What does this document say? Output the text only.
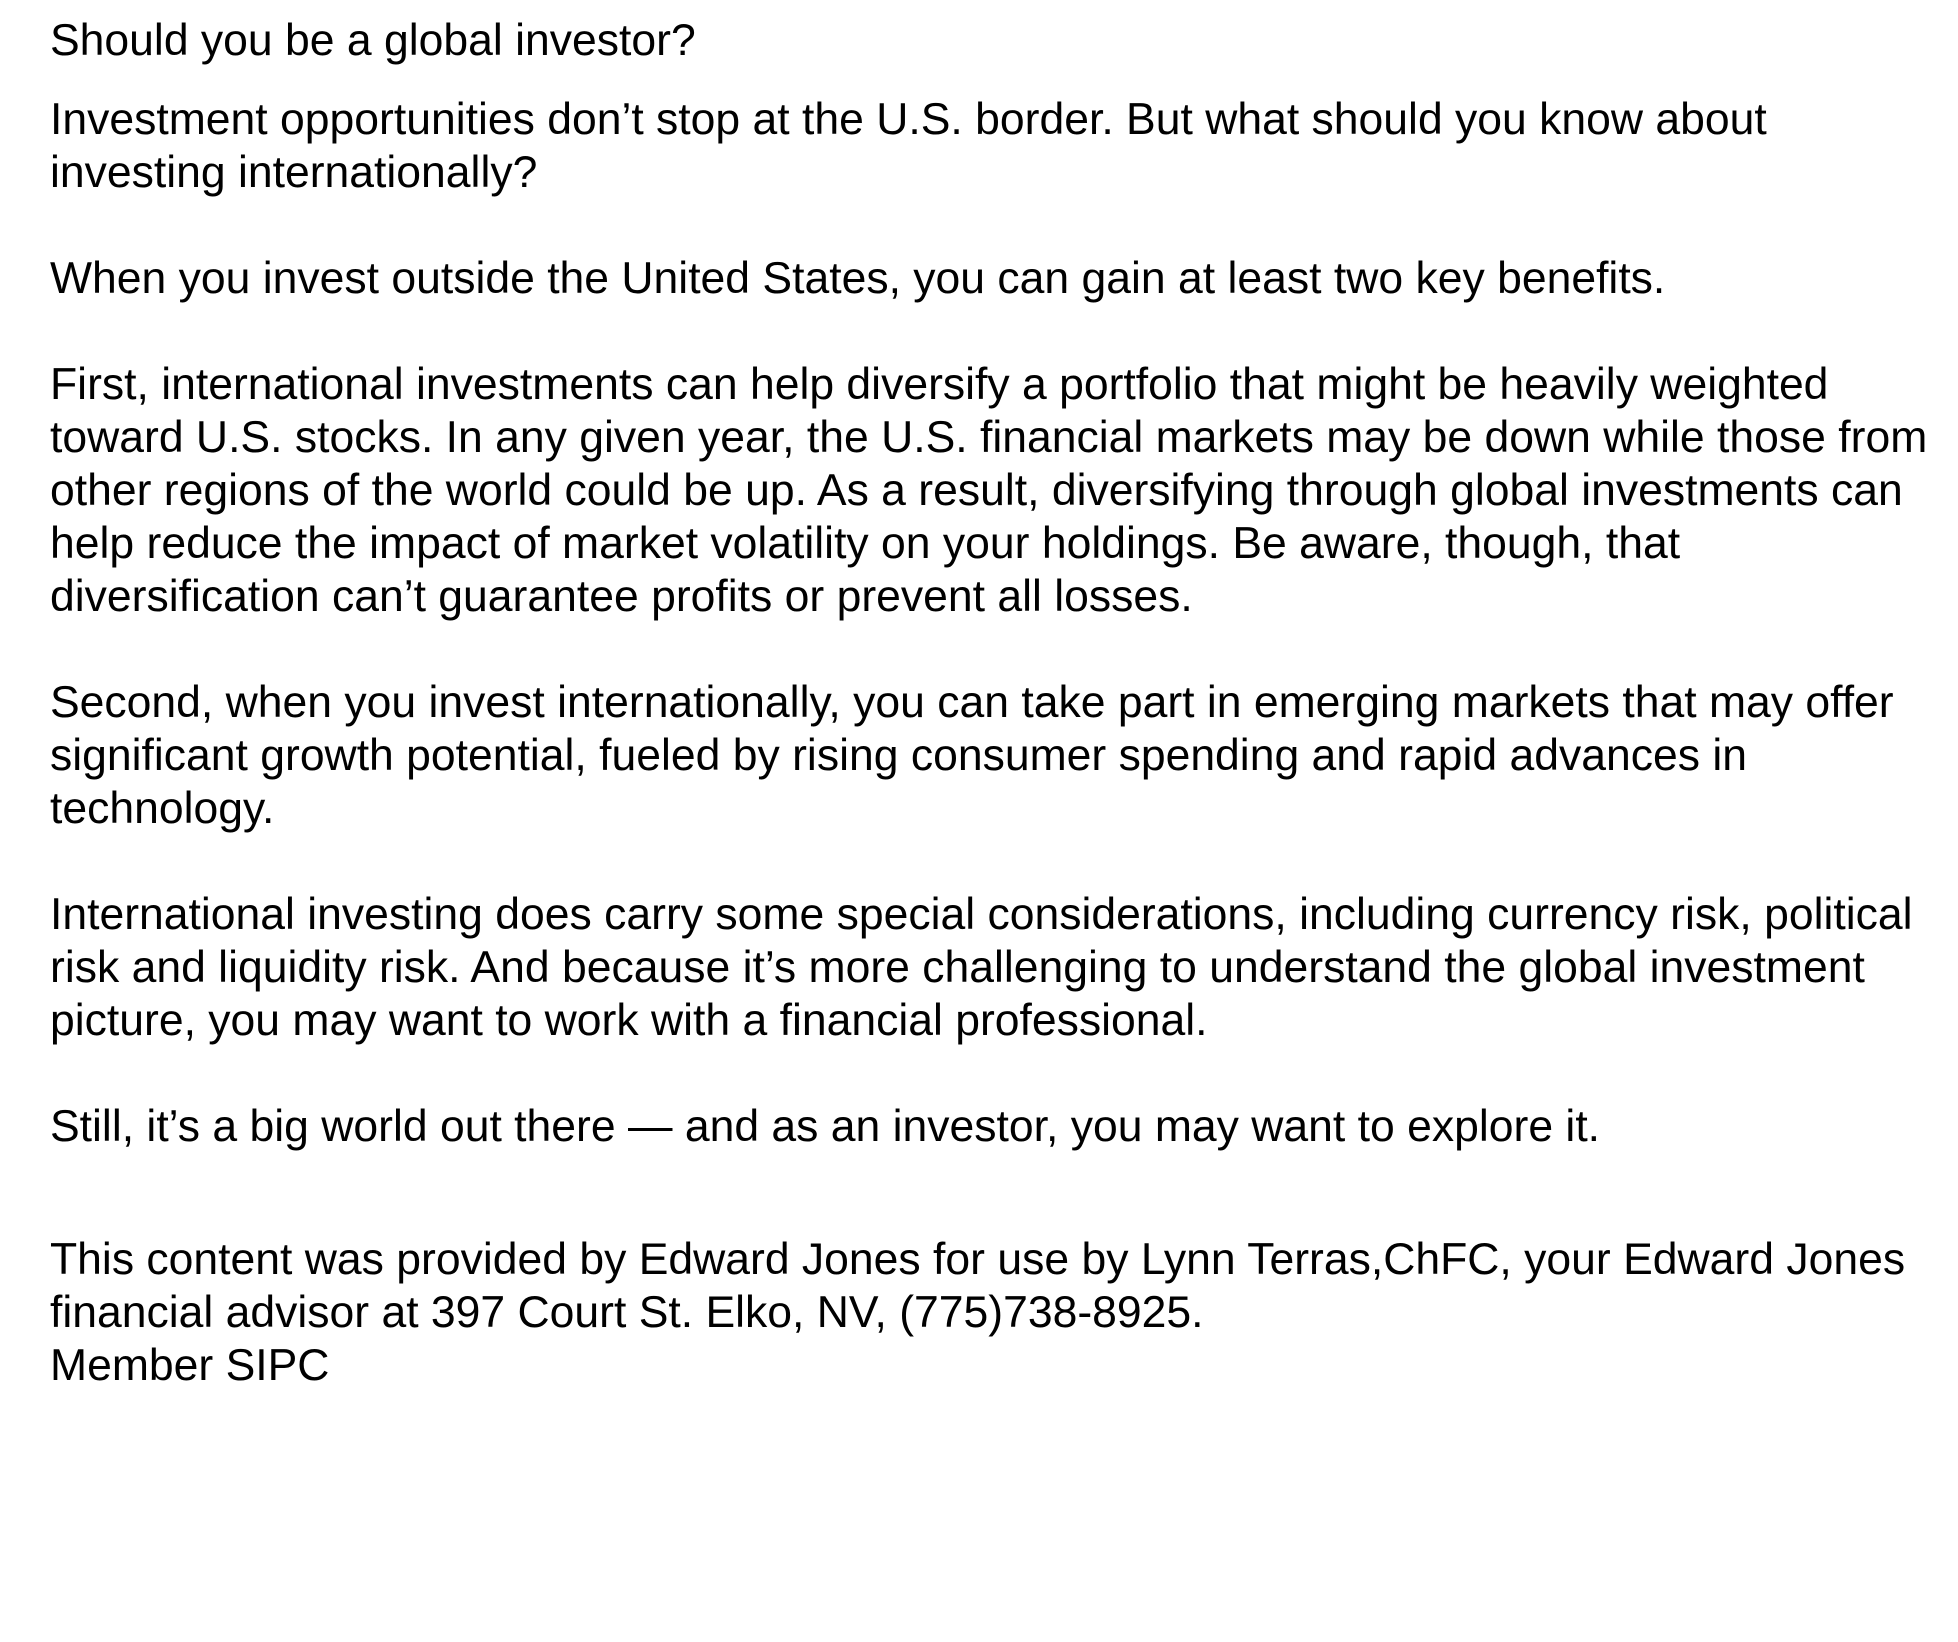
Should you be a global investor?

Investment opportunities don’t stop at the U.S. border. But what should you know about investing internationally?

When you invest outside the United States, you can gain at least two key benefits.

First, international investments can help diversify a portfolio that might be heavily weighted toward U.S. stocks. In any given year, the U.S. financial markets may be down while those from other regions of the world could be up. As a result, diversifying through global investments can help reduce the impact of market volatility on your holdings. Be aware, though, that diversification can’t guarantee profits or prevent all losses.

Second, when you invest internationally, you can take part in emerging markets that may offer significant growth potential, fueled by rising consumer spending and rapid advances in technology.

International investing does carry some special considerations, including currency risk, political risk and liquidity risk. And because it’s more challenging to understand the global investment picture, you may want to work with a financial professional.

Still, it’s a big world out there — and as an investor, you may want to explore it.

This content was provided by Edward Jones for use by Lynn Terras,ChFC, your Edward Jones financial advisor at 397 Court St. Elko, NV, (775)738-8925.

Member SIPC
